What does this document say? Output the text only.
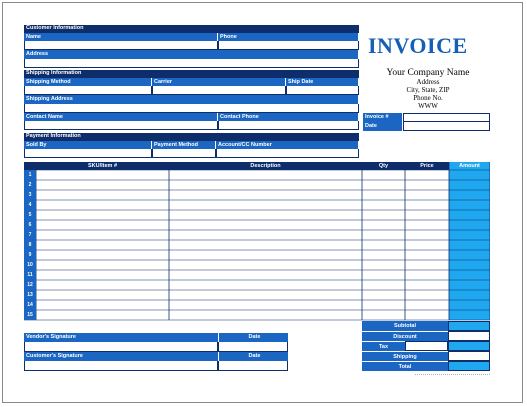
Customer Information
Name	Phone
Address
Shipping Information
Shipping Method	Carrier	Ship Date
Shipping Address
Contact Name	Contact Phone
Payment Information
Sold By	Payment Method	Account/CC Number
INVOICE
Your Company Name
Address
City, State, ZIP
Phone No.
WWW
Invoice #
Date
SKU/Item #	Description	Qty	Price	Amount
1
2
3
4
5
6
7
8
9
10
11
12
13
14
15
Vendor's Signature	Date
Customer's Signature	Date
Subtotal
Discount
Tax
Shipping
Total
